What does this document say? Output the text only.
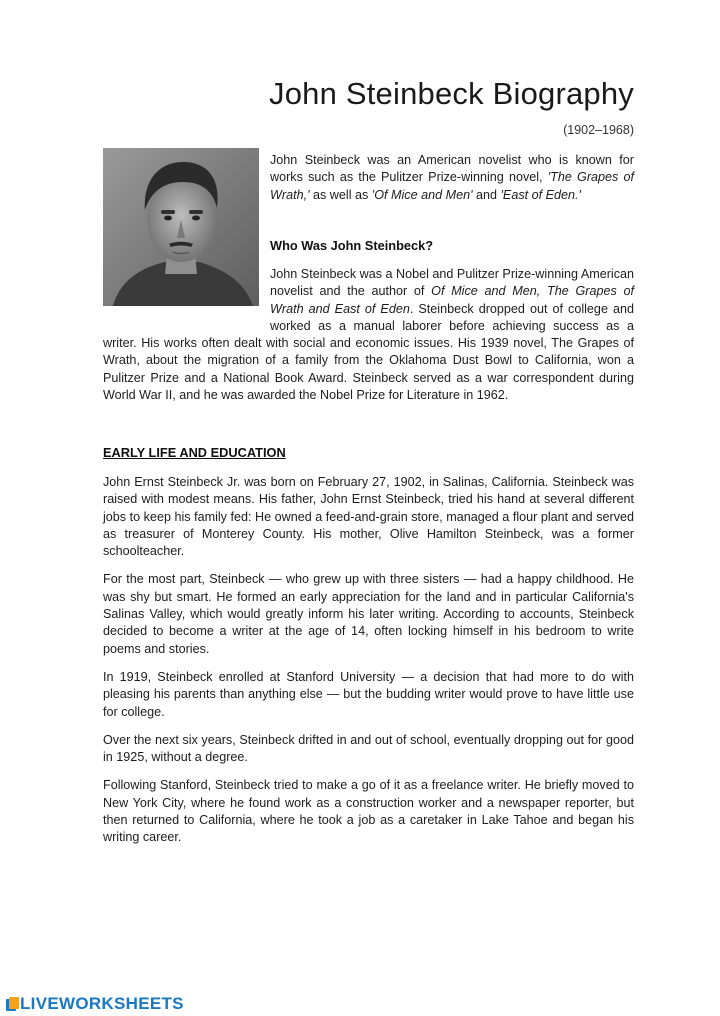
John Steinbeck Biography
(1902–1968)

John Steinbeck was an American novelist who is known for works such as the Pulitzer Prize-winning novel, 'The Grapes of Wrath,' as well as 'Of Mice and Men' and 'East of Eden.'

Who Was John Steinbeck?

John Steinbeck was a Nobel and Pulitzer Prize-winning American novelist and the author of Of Mice and Men, The Grapes of Wrath and East of Eden. Steinbeck dropped out of college and worked as a manual laborer before achieving success as a writer. His works often dealt with social and economic issues. His 1939 novel, The Grapes of Wrath, about the migration of a family from the Oklahoma Dust Bowl to California, won a Pulitzer Prize and a National Book Award. Steinbeck served as a war correspondent during World War II, and he was awarded the Nobel Prize for Literature in 1962.

EARLY LIFE AND EDUCATION

John Ernst Steinbeck Jr. was born on February 27, 1902, in Salinas, California. Steinbeck was raised with modest means. His father, John Ernst Steinbeck, tried his hand at several different jobs to keep his family fed: He owned a feed-and-grain store, managed a flour plant and served as treasurer of Monterey County. His mother, Olive Hamilton Steinbeck, was a former schoolteacher.

For the most part, Steinbeck — who grew up with three sisters — had a happy childhood. He was shy but smart. He formed an early appreciation for the land and in particular California's Salinas Valley, which would greatly inform his later writing. According to accounts, Steinbeck decided to become a writer at the age of 14, often locking himself in his bedroom to write poems and stories.

In 1919, Steinbeck enrolled at Stanford University — a decision that had more to do with pleasing his parents than anything else — but the budding writer would prove to have little use for college.

Over the next six years, Steinbeck drifted in and out of school, eventually dropping out for good in 1925, without a degree.

Following Stanford, Steinbeck tried to make a go of it as a freelance writer. He briefly moved to New York City, where he found work as a construction worker and a newspaper reporter, but then returned to California, where he took a job as a caretaker in Lake Tahoe and began his writing career.

LIVEWORKSHEETS
